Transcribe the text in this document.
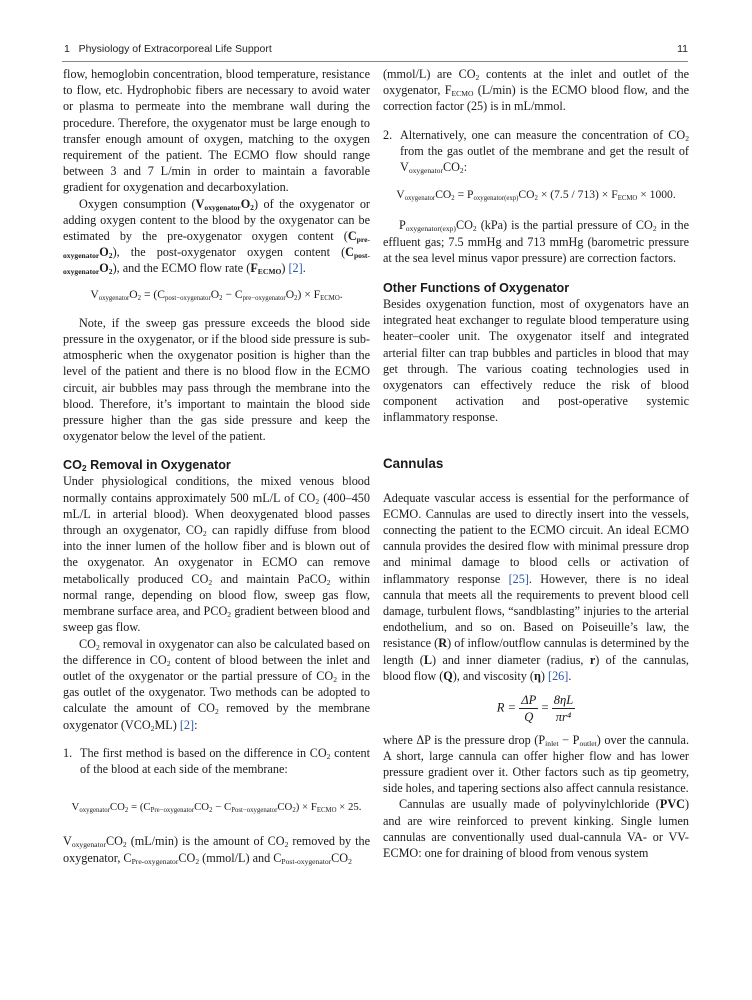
1   Physiology of Extracorporeal Life Support	11

flow, hemoglobin concentration, blood temperature, resistance to flow, etc. Hydrophobic fibers are necessary to avoid water or plasma to permeate into the membrane wall during the procedure. Therefore, the oxygenator must be large enough to transfer enough amount of oxygen, matching to the oxygen requirement of the patient. The ECMO flow should range between 3 and 7 L/min in order to maintain a favorable gradient for oxygenation and decarboxylation.

Oxygen consumption $(V_{oxygenator}O_2)$ of the oxygenator or adding oxygen content to the blood by the oxygenator can be estimated by the pre-oxygenator oxygen content $(C_{pre-oxygenator}O_2)$, the post-oxygenator oxygen content $(C_{post-oxygenator}O_2)$, and the ECMO flow rate $(F_{ECMO})$ [2].

$V_{oxygenator}O_2 = (C_{post-oxygenator}O_2 - C_{pre-oxygenator}O_2) \times F_{ECMO}$.

Note, if the sweep gas pressure exceeds the blood side pressure in the oxygenator, or if the blood side pressure is sub-atmospheric when the oxygenator position is higher than the level of the patient and there is no blood flow in the ECMO circuit, air bubbles may pass through the membrane into the blood. Therefore, it’s important to maintain the blood side pressure higher than the gas side pressure and keep the oxygenator below the level of the patient.

$CO_2$ Removal in Oxygenator

Under physiological conditions, the mixed venous blood normally contains approximately 500 mL/L of $CO_2$ (400–450 mL/L in arterial blood). When deoxygenated blood passes through an oxygenator, $CO_2$ can rapidly diffuse from blood into the inner lumen of the hollow fiber and is blown out of the oxygenator. An oxygenator in ECMO can remove metabolically produced $CO_2$ and maintain PaCO$_2$ within normal range, depending on blood flow, sweep gas flow, membrane surface area, and $PCO_2$ gradient between blood and sweep gas flow.

$CO_2$ removal in oxygenator can also be calculated based on the difference in $CO_2$ content of blood between the inlet and outlet of the oxygenator or the partial pressure of $CO_2$ in the gas outlet of the oxygenator. Two methods can be adopted to calculate the amount of $CO_2$ removed by the membrane oxygenator $(VCO_2ML)$ [2]:

1. The first method is based on the difference in $CO_2$ content of the blood at each side of the membrane:
$V_{oxygenator}CO_2 = (C_{Pre-oxygenator}CO_2 - C_{Post-oxygenator}CO_2) \times F_{ECMO} \times 25$.

$V_{oxygenator}CO_2$ (mL/min) is the amount of $CO_2$ removed by the oxygenator, $C_{Pre-oxygenator}CO_2$ (mmol/L) and $C_{Post-oxygenator}CO_2$

(mmol/L) are $CO_2$ contents at the inlet and outlet of the oxygenator, $F_{ECMO}$ (L/min) is the ECMO blood flow, and the correction factor (25) is in mL/mmol.

2. Alternatively, one can measure the concentration of $CO_2$ from the gas outlet of the membrane and get the result of $V_{oxygenator}CO_2$:
$V_{oxygenator}CO_2 = P_{oxygenator(exp)}CO_2 \times (7.5 / 713) \times F_{ECMO} \times 1000$.

$P_{oxygenator(exp)}CO_2$ (kPa) is the partial pressure of $CO_2$ in the effluent gas; 7.5 mmHg and 713 mmHg (barometric pressure at the sea level minus vapor pressure) are correction factors.

Other Functions of Oxygenator

Besides oxygenation function, most of oxygenators have an integrated heat exchanger to regulate blood temperature using heater–cooler unit. The oxygenator itself and integrated arterial filter can trap bubbles and particles in blood that may get through. The various coating technologies used in oxygenators can effectively reduce the risk of blood component activation and post-operative systemic inflammatory response.

Cannulas

Adequate vascular access is essential for the performance of ECMO. Cannulas are used to directly insert into the vessels, connecting the patient to the ECMO circuit. An ideal ECMO cannula provides the desired flow with minimal pressure drop and minimal damage to blood cells or activation of inflammatory response [25]. However, there is no ideal cannula that meets all the requirements to prevent blood cell damage, turbulent flows, “sandblasting” injuries to the arterial endothelium, and so on. Based on Poiseuille’s law, the resistance (R) of inflow/outflow cannulas is determined by the length (L) and inner diameter (radius, r) of the cannulas, blood flow (Q), and viscosity (η) [26].

$R = \frac{\Delta P}{Q} = \frac{8\eta L}{\text{πr⁴}}$

where ΔP is the pressure drop $(P_{inlet} - P_{outlet})$ over the cannula. A short, large cannula can offer higher flow and has lower pressure gradient over it. Other factors such as tip geometry, side holes, and tapering sections also affect cannula resistance.

Cannulas are usually made of polyvinylchloride (PVC) and are wire reinforced to prevent kinking. Single lumen cannulas are conventionally used dual-cannula VA- or VV-ECMO: one for draining of blood from venous system
